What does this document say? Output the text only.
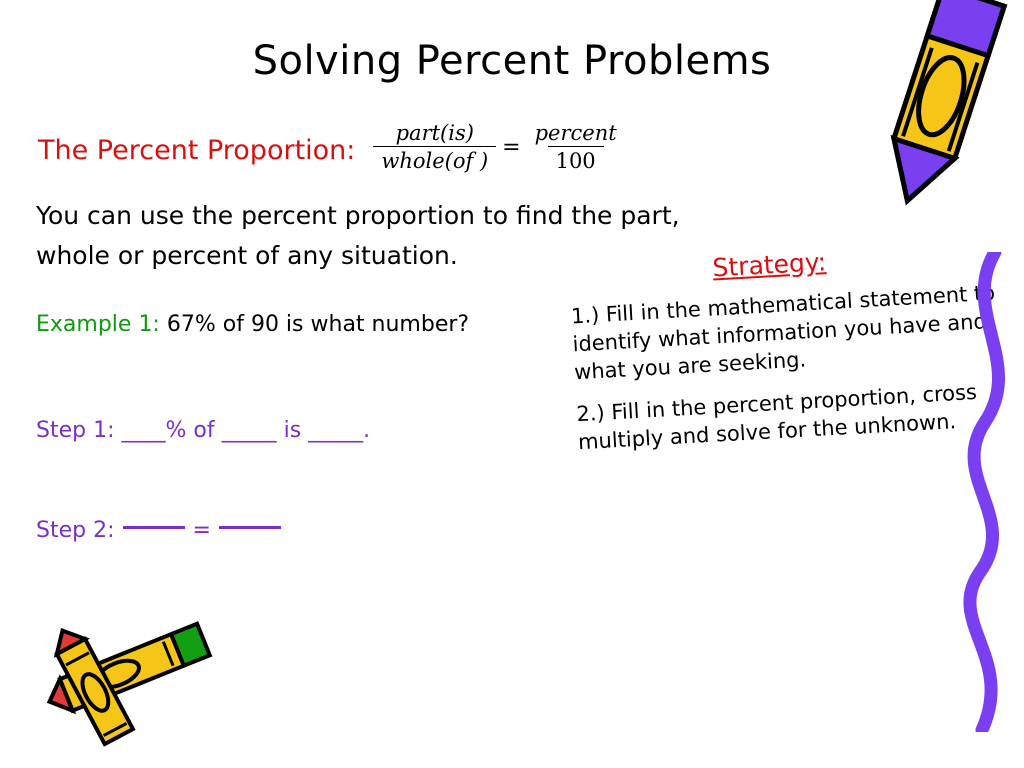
Solving Percent Problems
The Percent Proportion: $\frac{\text{part(is)}}{\text{whole(of )}} = \frac{\text{percent}}{100}$
You can use the percent proportion to find the part, whole or percent of any situation.
Example 1: 67% of 90 is what number?
Step 1: ____% of _____ is _____.
Step 2:	=
Strategy:
1.) Fill in the mathematical statement to identify what information you have and what you are seeking.
2.) Fill in the percent proportion, cross multiply and solve for the unknown.
